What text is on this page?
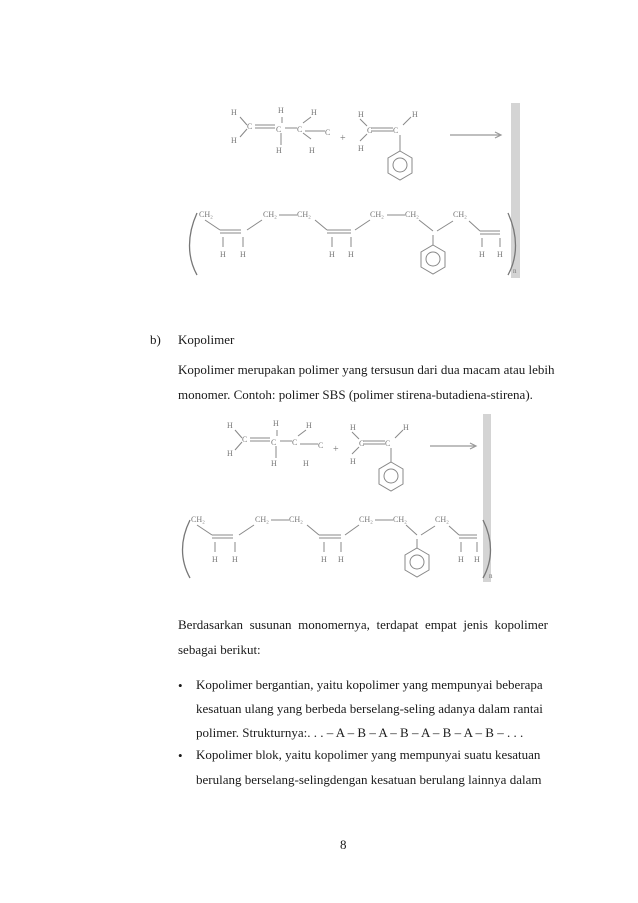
H
C
H
H
C C
H
H
C
H
+
H
C
H
C
H
CH₂	CH₂	CH₂	CH₂	CH₂	CH₂
H H	H H	H H
n
b) Kopolimer
Kopolimer merupakan polimer yang tersusun dari dua macam atau lebih
monomer. Contoh: polimer SBS (polimer stirena-butadiena-stirena).
H
C
H
H
C C
H
H
C
H
+
H
C
H
C
H
CH₂	CH₂	CH₂	CH₂	CH₂	CH₂
H H	H H	H H
n
Berdasarkan susunan monomernya, terdapat empat jenis kopolimer
sebagai berikut:
• Kopolimer bergantian, yaitu kopolimer yang mempunyai beberapa
kesatuan ulang yang berbeda berselang-seling adanya dalam rantai
polimer. Strukturnya:. . . – A – B – A – B – A – B – A – B – . . .
• Kopolimer blok, yaitu kopolimer yang mempunyai suatu kesatuan
berulang berselang-selingdengan kesatuan berulang lainnya dalam
8
